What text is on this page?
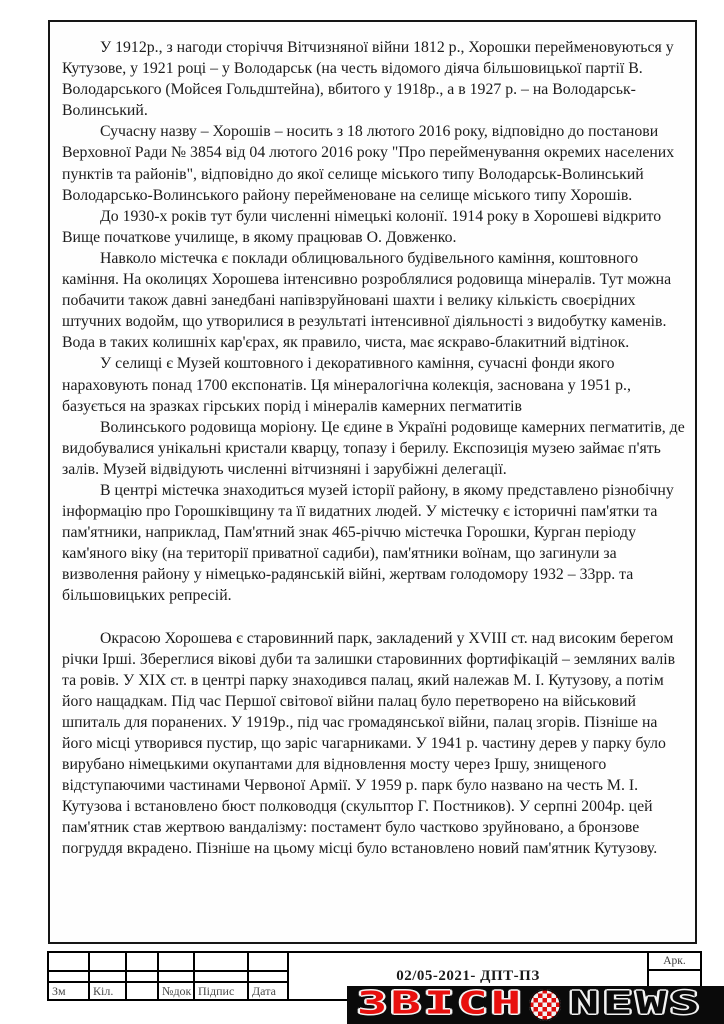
У 1912р., з нагоди сторіччя Вітчизняної війни 1812 р., Хорошки перейменовуються у Кутузове, у 1921 році – у Володарськ (на честь відомого діяча більшовицької партії В. Володарського (Мойсея Гольдштейна), вбитого у 1918р., а в 1927 р. – на Володарськ-Волинський.

Сучасну назву – Хорошів – носить з 18 лютого 2016 року, відповідно до постанови Верховної Ради № 3854 від 04 лютого 2016 року "Про перейменування окремих населених пунктів та районів", відповідно до якої селище міського типу Володарськ-Волинський Володарсько-Волинського району перейменоване на селище міського типу Хорошів.

До 1930-х років тут були численні німецькі колонії. 1914 року в Хорошеві відкрито Вище початкове училище, в якому працював О. Довженко.

Навколо містечка є поклади облицювального будівельного каміння, коштовного каміння. На околицях Хорошева інтенсивно розроблялися родовища мінералів. Тут можна побачити також давні занедбані напівзруйновані шахти і велику кількість своєрідних штучних водойм, що утворилися в результаті інтенсивної діяльності з видобутку каменів. Вода в таких колишніх кар'єрах, як правило, чиста, має яскраво-блакитний відтінок.

У селищі є Музей коштовного і декоративного каміння, сучасні фонди якого нараховують понад 1700 експонатів. Ця мінералогічна колекція, заснована у 1951 р., базується на зразках гірських порід і мінералів камерних пегматитів

Волинського родовища моріону. Це єдине в Україні родовище камерних пегматитів, де видобувалися унікальні кристали кварцу, топазу і берилу. Експозиція музею займає п'ять залів. Музей відвідують численні вітчизняні і зарубіжні делегації.

В центрі містечка знаходиться музей історії району, в якому представлено різнобічну інформацію про Горошківщину та її видатних людей. У містечку є історичні пам'ятки та пам'ятники, наприклад, Пам'ятний знак 465-річчю містечка Горошки, Курган періоду кам'яного віку (на території приватної садиби), пам'ятники воїнам, що загинули за визволення району у німецько-радянській війні, жертвам голодомору 1932 – 33рр. та більшовицьких репресій.

Окрасою Хорошева є старовинний парк, закладений у XVIII ст. над високим берегом річки Ірші. Збереглися вікові дуби та залишки старовинних фортифікацій – земляних валів та ровів. У XIX ст. в центрі парку знаходився палац, який належав М. І. Кутузову, а потім його нащадкам. Під час Першої світової війни палац було перетворено на військовий шпиталь для поранених. У 1919р., під час громадянської війни, палац згорів. Пізніше на його місці утворився пустир, що заріс чагарниками. У 1941 р. частину дерев у парку було вирубано німецькими окупантами для відновлення мосту через Іршу, знищеного відступаючими частинами Червоної Армії. У 1959 р. парк було названо на честь М. І. Кутузова і встановлено бюст полководця (скульптор Г. Постников). У серпні 2004р. цей пам'ятник став жертвою вандалізму: постамент було частково зруйновано, а бронзове погруддя вкрадено. Пізніше на цьому місці було встановлено новий пам'ятник Кутузову.

Зм	Кіл.	№док Підпис	Дата
02/05-2021- ДПТ-ПЗ
Арк.
ЗВІСН NEWS
